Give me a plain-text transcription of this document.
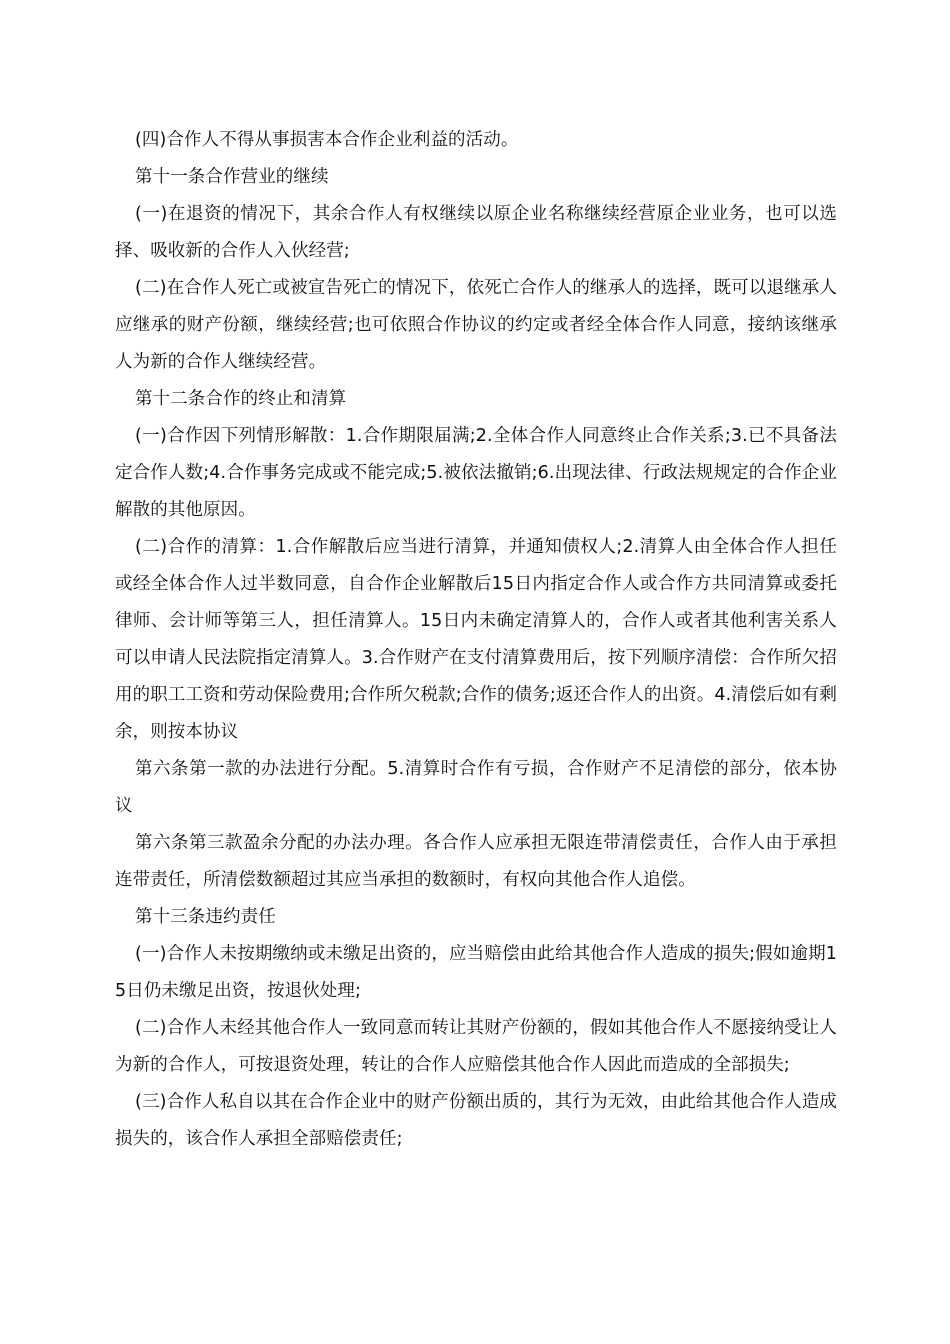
(四)合作人不得从事损害本合作企业利益的活动。

第十一条合作营业的继续

(一)在退资的情况下，其余合作人有权继续以原企业名称继续经营原企业业务，也可以选择、吸收新的合作人入伙经营;

(二)在合作人死亡或被宣告死亡的情况下，依死亡合作人的继承人的选择，既可以退继承人应继承的财产份额，继续经营;也可依照合作协议的约定或者经全体合作人同意，接纳该继承人为新的合作人继续经营。

第十二条合作的终止和清算

(一)合作因下列情形解散：1.合作期限届满;2.全体合作人同意终止合作关系;3.已不具备法定合作人数;4.合作事务完成或不能完成;5.被依法撤销;6.出现法律、行政法规规定的合作企业解散的其他原因。

(二)合作的清算：1.合作解散后应当进行清算，并通知债权人;2.清算人由全体合作人担任或经全体合作人过半数同意，自合作企业解散后15日内指定合作人或合作方共同清算或委托律师、会计师等第三人，担任清算人。15日内未确定清算人的，合作人或者其他利害关系人可以申请人民法院指定清算人。3.合作财产在支付清算费用后，按下列顺序清偿：合作所欠招用的职工工资和劳动保险费用;合作所欠税款;合作的债务;返还合作人的出资。4.清偿后如有剩余，则按本协议

第六条第一款的办法进行分配。5.清算时合作有亏损，合作财产不足清偿的部分，依本协议

第六条第三款盈余分配的办法办理。各合作人应承担无限连带清偿责任，合作人由于承担连带责任，所清偿数额超过其应当承担的数额时，有权向其他合作人追偿。

第十三条违约责任

(一)合作人未按期缴纳或未缴足出资的，应当赔偿由此给其他合作人造成的损失;假如逾期15日仍未缴足出资，按退伙处理;

(二)合作人未经其他合作人一致同意而转让其财产份额的，假如其他合作人不愿接纳受让人为新的合作人，可按退资处理，转让的合作人应赔偿其他合作人因此而造成的全部损失;

(三)合作人私自以其在合作企业中的财产份额出质的，其行为无效，由此给其他合作人造成损失的，该合作人承担全部赔偿责任;
